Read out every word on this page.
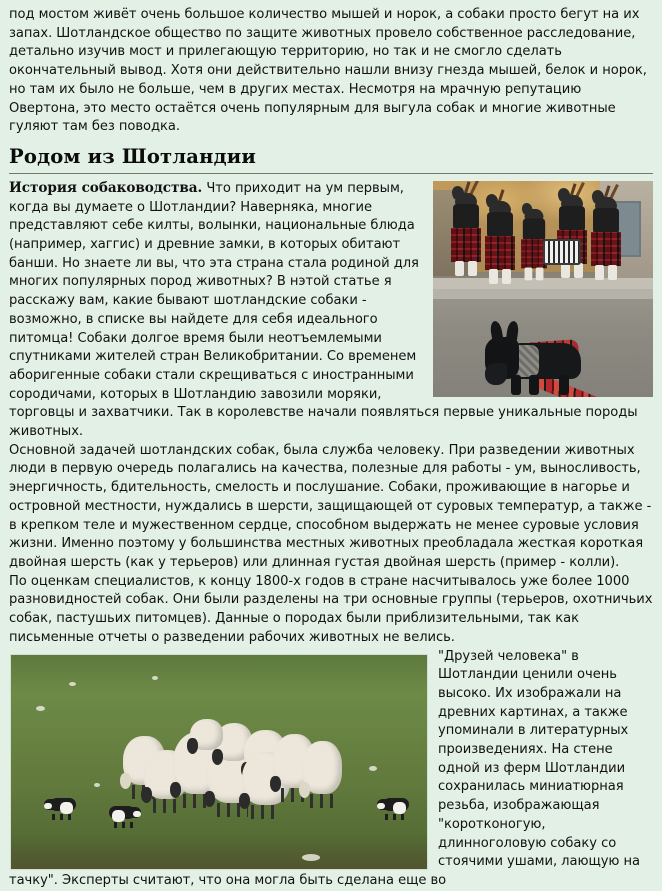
под мостом живёт очень большое количество мышей и норок, а собаки просто бегут на их запах. Шотландское общество по защите животных провело собственное расследование, детально изучив мост и прилегающую территорию, но так и не смогло сделать окончательный вывод. Хотя они действительно нашли внизу гнезда мышей, белок и норок, но там их было не больше, чем в других местах. Несмотря на мрачную репутацию Овертона, это место остаётся очень популярным для выгула собак и многие животные гуляют там без поводка.

Родом из Шотландии

История собаководства. Что приходит на ум первым, когда вы думаете о Шотландии? Наверняка, многие представляют себе килты, волынки, национальные блюда (например, хаггис) и древние замки, в которых обитают банши. Но знаете ли вы, что эта страна стала родиной для многих популярных пород животных? В нэтой статье я расскажу вам, какие бывают шотландские собаки - возможно, в списке вы найдете для себя идеального питомца! Собаки долгое время были неотъемлемыми спутниками жителей стран Великобритании. Со временем аборигенные собаки стали скрещиваться с иностранными сородичами, которых в Шотландию завозили моряки, торговцы и захватчики. Так в королевстве начали появляться первые уникальные породы животных.

Основной задачей шотландских собак, была служба человеку. При разведении животных люди в первую очередь полагались на качества, полезные для работы - ум, выносливость, энергичность, бдительность, смелость и послушание. Собаки, проживающие в нагорье и островной местности, нуждались в шерсти, защищающей от суровых температур, а также - в крепком теле и мужественном сердце, способном выдержать не менее суровые условия жизни. Именно поэтому у большинства местных животных преобладала жесткая короткая двойная шерсть (как у терьеров) или длинная густая двойная шерсть (пример - колли).

По оценкам специалистов, к концу 1800-х годов в стране насчитывалось уже более 1000 разновидностей собак. Они были разделены на три основные группы (терьеров, охотничьих собак, пастушьих питомцев). Данные о породах были приблизительными, так как письменные отчеты о разведении рабочих животных не велись.

"Друзей человека" в Шотландии ценили очень высоко. Их изображали на древних картинах, а также упоминали в литературных произведениях. На стене одной из ферм Шотландии сохранилась миниатюрная резьба, изображающая "коротконогую, длинноголовую собаку со стоячими ушами, лающую на тачку". Эксперты считают, что она могла быть сделана еще во
